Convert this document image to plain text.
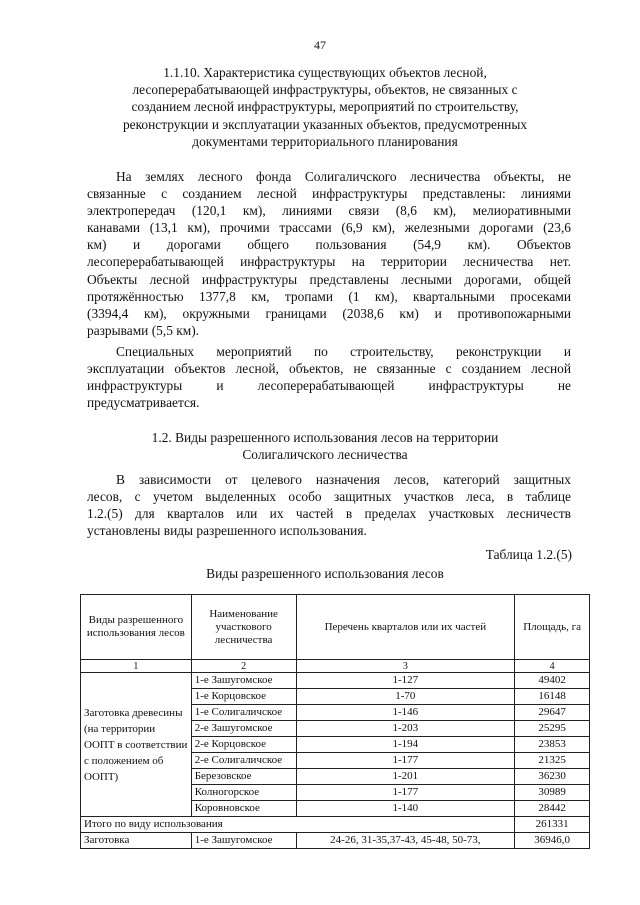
47
1.1.10. Характеристика существующих объектов лесной,
лесоперерабатывающей инфраструктуры, объектов, не связанных с
созданием лесной инфраструктуры, мероприятий по строительству,
реконструкции и эксплуатации указанных объектов, предусмотренных
документами территориального планирования
На землях лесного фонда Солигаличского лесничества объекты, не
связанные с созданием лесной инфраструктуры представлены: линиями
электропередач (120,1 км), линиями связи (8,6 км), мелиоративными
канавами (13,1 км), прочими трассами (6,9 км), железными дорогами (23,6
км) и дорогами общего пользования (54,9 км). Объектов
лесоперерабатывающей инфраструктуры на территории лесничества нет.
Объекты лесной инфраструктуры представлены лесными дорогами, общей
протяжённостью 1377,8 км, тропами (1 км), квартальными просеками
(3394,4 км), окружными границами (2038,6 км) и противопожарными
разрывами (5,5 км).
Специальных мероприятий по строительству, реконструкции и
эксплуатации объектов лесной, объектов, не связанные с созданием лесной
инфраструктуры и лесоперерабатывающей инфраструктуры не
предусматривается.
1.2. Виды разрешенного использования лесов на территории
Солигаличского лесничества
В зависимости от целевого назначения лесов, категорий защитных
лесов, с учетом выделенных особо защитных участков леса, в таблице
1.2.(5) для кварталов или их частей в пределах участковых лесничеств
установлены виды разрешенного использования.
Таблица 1.2.(5)
Виды разрешенного использования лесов
Виды разрешенного использования лесов	Наименование участкового лесничества	Перечень кварталов или их частей	Площадь, га
1	2	3	4
Заготовка древесины (на территории ООПТ в соответствии с положением об ООПТ)	1-е Зашугомское	1-127	49402
	1-е Корцовское	1-70	16148
	1-е Солигаличское	1-146	29647
	2-е Зашугомское	1-203	25295
	2-е Корцовское	1-194	23853
	2-е Солигаличское	1-177	21325
	Березовское	1-201	36230
	Колногорское	1-177	30989
	Коровновское	1-140	28442
Итого по виду использования			261331
Заготовка	1-е Зашугомское	24-26, 31-35,37-43, 45-48, 50-73,	36946,0
